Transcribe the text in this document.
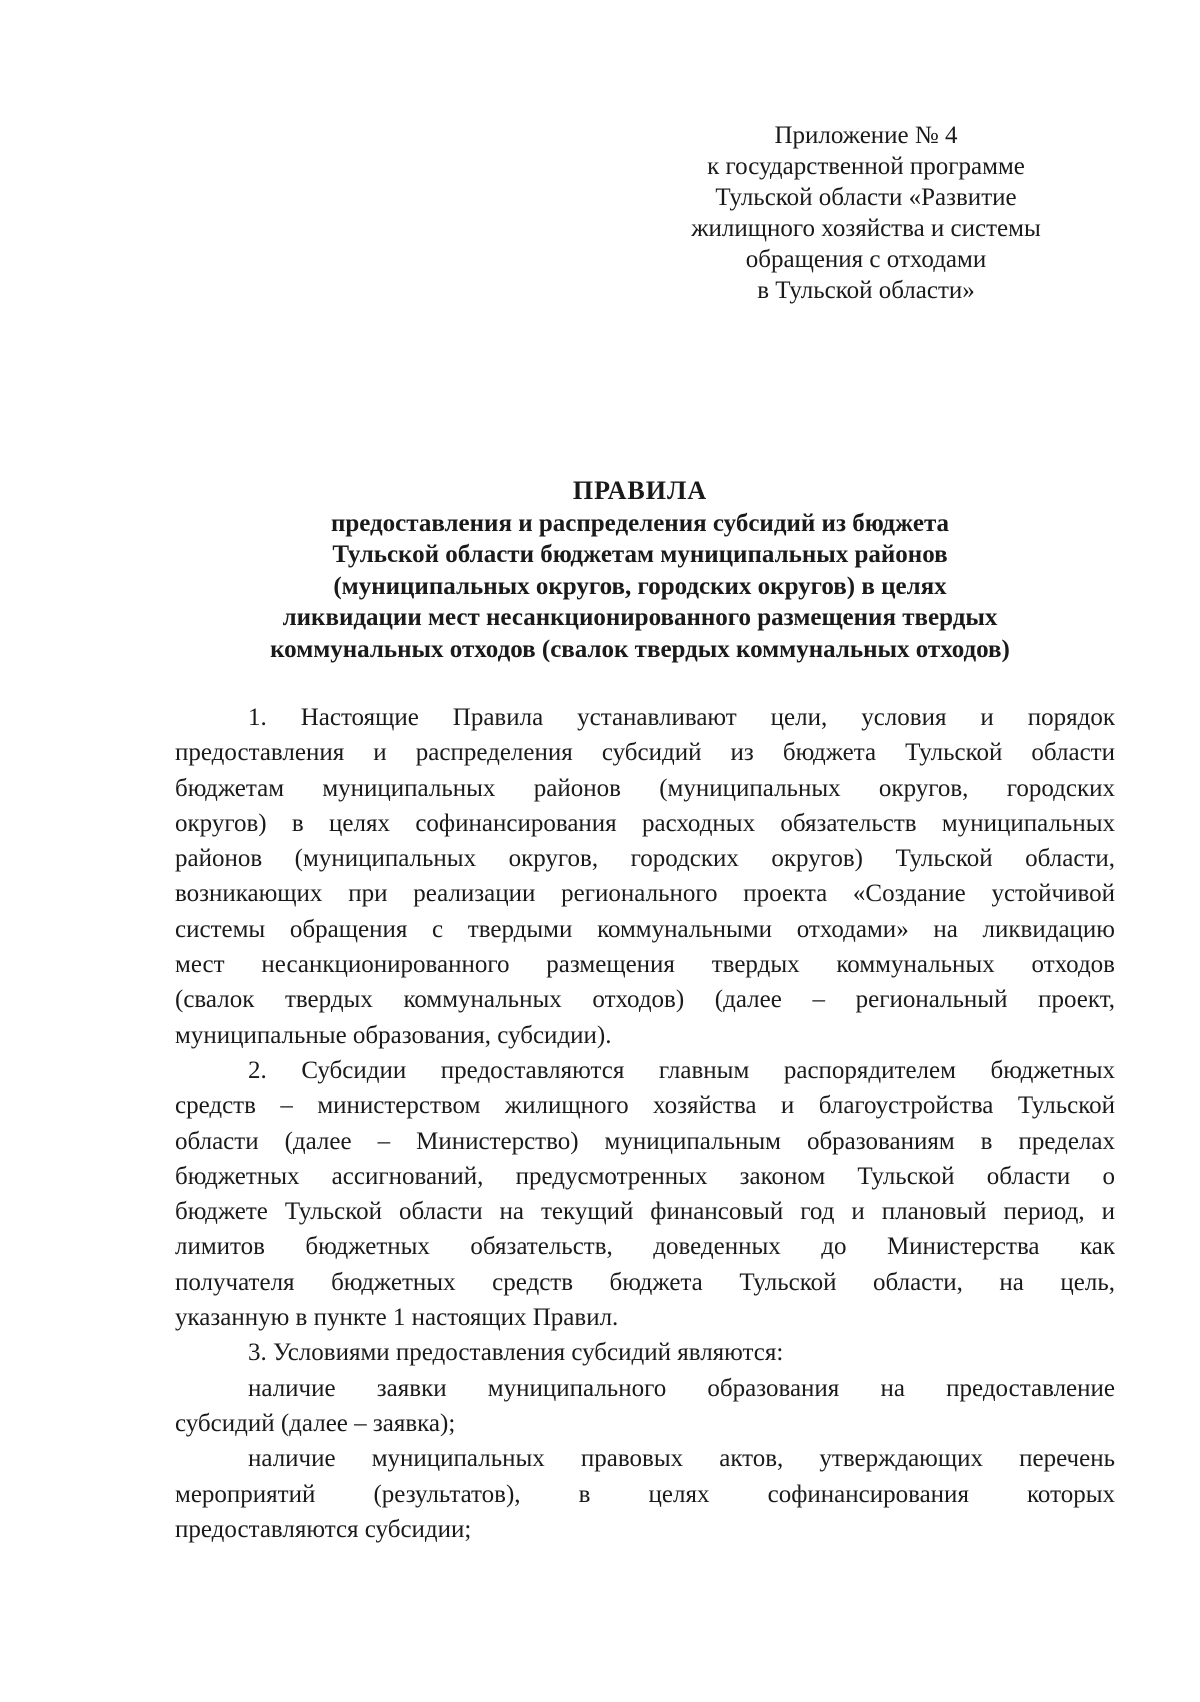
Приложение № 4
к государственной программе
Тульской области «Развитие
жилищного хозяйства и системы
обращения с отходами
в Тульской области»
ПРАВИЛА
предоставления и распределения субсидий из бюджета
Тульской области бюджетам муниципальных районов
(муниципальных округов, городских округов) в целях
ликвидации мест несанкционированного размещения твердых
коммунальных отходов (свалок твердых коммунальных отходов)
1. Настоящие Правила устанавливают цели, условия и порядок
предоставления и распределения субсидий из бюджета Тульской области
бюджетам муниципальных районов (муниципальных округов, городских
округов) в целях софинансирования расходных обязательств муниципальных
районов (муниципальных округов, городских округов) Тульской области,
возникающих при реализации регионального проекта «Создание устойчивой
системы обращения с твердыми коммунальными отходами» на ликвидацию
мест несанкционированного размещения твердых коммунальных отходов
(свалок твердых коммунальных отходов) (далее – региональный проект,
муниципальные образования, субсидии).
2. Субсидии предоставляются главным распорядителем бюджетных
средств – министерством жилищного хозяйства и благоустройства Тульской
области (далее – Министерство) муниципальным образованиям в пределах
бюджетных ассигнований, предусмотренных законом Тульской области о
бюджете Тульской области на текущий финансовый год и плановый период, и
лимитов бюджетных обязательств, доведенных до Министерства как
получателя бюджетных средств бюджета Тульской области, на цель,
указанную в пункте 1 настоящих Правил.
3. Условиями предоставления субсидий являются:
наличие заявки муниципального образования на предоставление
субсидий (далее – заявка);
наличие муниципальных правовых актов, утверждающих перечень
мероприятий (результатов), в целях софинансирования которых
предоставляются субсидии;
